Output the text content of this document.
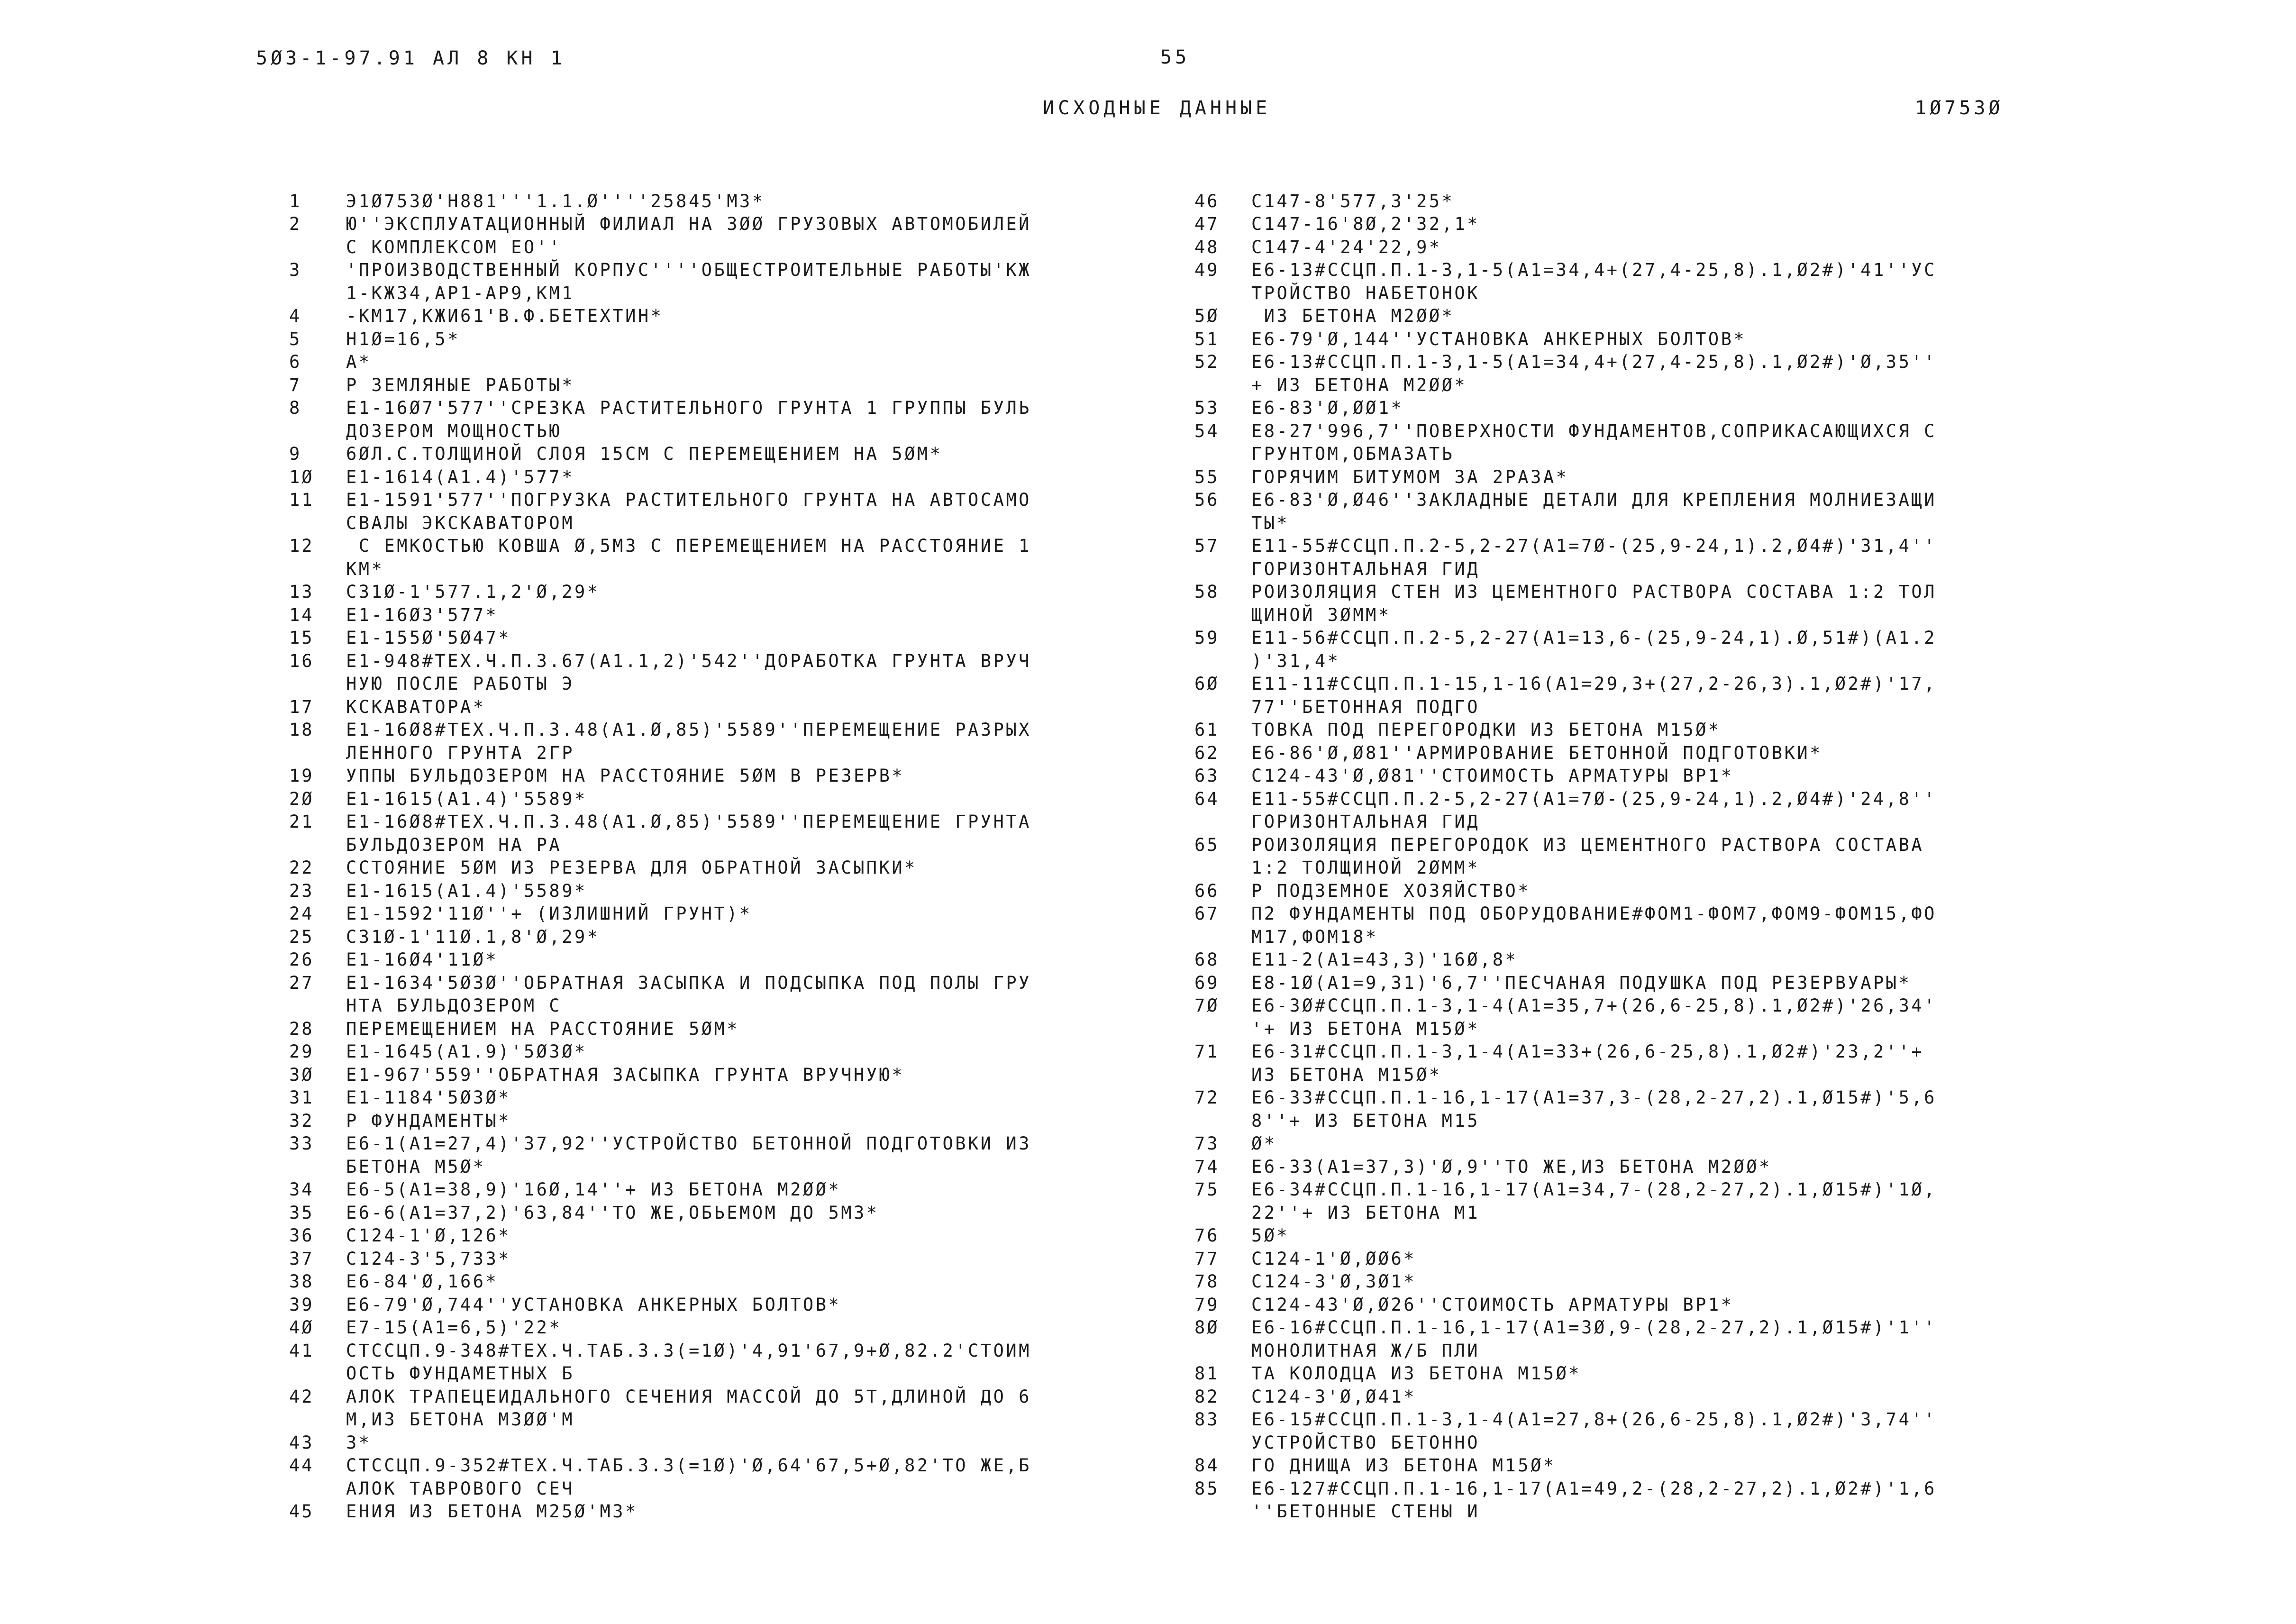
5Ø3-1-97.91 АЛ 8 КН 1	55
ИСХОДНЫЕ ДАННЫЕ	1Ø753Ø
1	Э1Ø753Ø'Н881'''1.1.Ø''''25845'М3*
2	Ю''ЭКСПЛУАТАЦИОННЫЙ ФИЛИАЛ НА 3ØØ ГРУЗОВЫХ АВТОМОБИЛЕЙ
С КОМПЛЕКСОМ ЕО''
3	'ПРОИЗВОДСТВЕННЫЙ КОРПУС''''ОБЩЕСТРОИТЕЛЬНЫЕ РАБОТЫ'КЖ
1-КЖ34,АР1-АР9,КМ1
4	-КМ17,КЖИ61'В.Ф.БЕТЕХТИН*
5	Н1Ø=16,5*
6	А*
7	Р ЗЕМЛЯНЫЕ РАБОТЫ*
8	Е1-16Ø7'577''СРЕЗКА РАСТИТЕЛЬНОГО ГРУНТА 1 ГРУППЫ БУЛЬ
ДОЗЕРОМ МОЩНОСТЬЮ
9	6ØЛ.С.ТОЛЩИНОЙ СЛОЯ 15СМ С ПЕРЕМЕЩЕНИЕМ НА 5ØМ*
1Ø	Е1-1614(А1.4)'577*
11	Е1-1591'577''ПОГРУЗКА РАСТИТЕЛЬНОГО ГРУНТА НА АВТОСАМО
СВАЛЫ ЭКСКАВАТОРОМ
12	С ЕМКОСТЬЮ КОВША Ø,5М3 С ПЕРЕМЕЩЕНИЕМ НА РАССТОЯНИЕ 1
КМ*
13	С31Ø-1'577.1,2'Ø,29*
14	Е1-16Ø3'577*
15	Е1-155Ø'5Ø47*
16	Е1-948#ТЕХ.Ч.П.3.67(А1.1,2)'542''ДОРАБОТКА ГРУНТА ВРУЧ
НУЮ ПОСЛЕ РАБОТЫ Э
17	КСКАВАТОРА*
18	Е1-16Ø8#ТЕХ.Ч.П.3.48(А1.Ø,85)'5589''ПЕРЕМЕЩЕНИЕ РАЗРЫХ
ЛЕННОГО ГРУНТА 2ГР
19	УППЫ БУЛЬДОЗЕРОМ НА РАССТОЯНИЕ 5ØМ В РЕЗЕРВ*
2Ø	Е1-1615(А1.4)'5589*
21	Е1-16Ø8#ТЕХ.Ч.П.3.48(А1.Ø,85)'5589''ПЕРЕМЕЩЕНИЕ ГРУНТА
БУЛЬДОЗЕРОМ НА РА
22	ССТОЯНИЕ 5ØМ ИЗ РЕЗЕРВА ДЛЯ ОБРАТНОЙ ЗАСЫПКИ*
23	Е1-1615(А1.4)'5589*
24	Е1-1592'11Ø''+ (ИЗЛИШНИЙ ГРУНТ)*
25	С31Ø-1'11Ø.1,8'Ø,29*
26	Е1-16Ø4'11Ø*
27	Е1-1634'5Ø3Ø''ОБРАТНАЯ ЗАСЫПКА И ПОДСЫПКА ПОД ПОЛЫ ГРУ
НТА БУЛЬДОЗЕРОМ С
28	ПЕРЕМЕЩЕНИЕМ НА РАССТОЯНИЕ 5ØМ*
29	Е1-1645(А1.9)'5Ø3Ø*
3Ø	Е1-967'559''ОБРАТНАЯ ЗАСЫПКА ГРУНТА ВРУЧНУЮ*
31	Е1-1184'5Ø3Ø*
32	Р ФУНДАМЕНТЫ*
33	Е6-1(А1=27,4)'37,92''УСТРОЙСТВО БЕТОННОЙ ПОДГОТОВКИ ИЗ
БЕТОНА М5Ø*
34	Е6-5(А1=38,9)'16Ø,14''+ ИЗ БЕТОНА М2ØØ*
35	Е6-6(А1=37,2)'63,84''ТО ЖЕ,ОБЬЕМОМ ДО 5М3*
36	С124-1'Ø,126*
37	С124-3'5,733*
38	Е6-84'Ø,166*
39	Е6-79'Ø,744''УСТАНОВКА АНКЕРНЫХ БОЛТОВ*
4Ø	Е7-15(А1=6,5)'22*
41	СТССЦП.9-348#ТЕХ.Ч.ТАБ.3.3(=1Ø)'4,91'67,9+Ø,82.2'СТОИМ
ОСТЬ ФУНДАМЕТНЫХ Б
42	АЛОК ТРАПЕЦЕИДАЛЬНОГО СЕЧЕНИЯ МАССОЙ ДО 5Т,ДЛИНОЙ ДО 6
М,ИЗ БЕТОНА М3ØØ'М
43	3*
44	СТССЦП.9-352#ТЕХ.Ч.ТАБ.3.3(=1Ø)'Ø,64'67,5+Ø,82'ТО ЖЕ,Б
АЛОК ТАВРОВОГО СЕЧ
45	ЕНИЯ ИЗ БЕТОНА М25Ø'М3*
46	С147-8'577,3'25*
47	С147-16'8Ø,2'32,1*
48	С147-4'24'22,9*
49	Е6-13#ССЦП.П.1-3,1-5(А1=34,4+(27,4-25,8).1,Ø2#)'41''УС
ТРОЙСТВО НАБЕТОНОК
5Ø	ИЗ БЕТОНА М2ØØ*
51	Е6-79'Ø,144''УСТАНОВКА АНКЕРНЫХ БОЛТОВ*
52	Е6-13#ССЦП.П.1-3,1-5(А1=34,4+(27,4-25,8).1,Ø2#)'Ø,35''
+ ИЗ БЕТОНА М2ØØ*
53	Е6-83'Ø,ØØ1*
54	Е8-27'996,7''ПОВЕРХНОСТИ ФУНДАМЕНТОВ,СОПРИКАСАЮЩИХСЯ С
ГРУНТОМ,ОБМАЗАТЬ
55	ГОРЯЧИМ БИТУМОМ ЗА 2РАЗА*
56	Е6-83'Ø,Ø46''ЗАКЛАДНЫЕ ДЕТАЛИ ДЛЯ КРЕПЛЕНИЯ МОЛНИЕЗАЩИ
ТЫ*
57	Е11-55#ССЦП.П.2-5,2-27(А1=7Ø-(25,9-24,1).2,Ø4#)'31,4''
ГОРИЗОНТАЛЬНАЯ ГИД
58	РОИЗОЛЯЦИЯ СТЕН ИЗ ЦЕМЕНТНОГО РАСТВОРА СОСТАВА 1:2 ТОЛ
ЩИНОЙ 3ØММ*
59	Е11-56#ССЦП.П.2-5,2-27(А1=13,6-(25,9-24,1).Ø,51#)(А1.2
)'31,4*
6Ø	Е11-11#ССЦП.П.1-15,1-16(А1=29,3+(27,2-26,3).1,Ø2#)'17,
77''БЕТОННАЯ ПОДГО
61	ТОВКА ПОД ПЕРЕГОРОДКИ ИЗ БЕТОНА М15Ø*
62	Е6-86'Ø,Ø81''АРМИРОВАНИЕ БЕТОННОЙ ПОДГОТОВКИ*
63	С124-43'Ø,Ø81''СТОИМОСТЬ АРМАТУРЫ ВР1*
64	Е11-55#ССЦП.П.2-5,2-27(А1=7Ø-(25,9-24,1).2,Ø4#)'24,8''
ГОРИЗОНТАЛЬНАЯ ГИД
65	РОИЗОЛЯЦИЯ ПЕРЕГОРОДОК ИЗ ЦЕМЕНТНОГО РАСТВОРА СОСТАВА
1:2 ТОЛЩИНОЙ 2ØММ*
66	Р ПОДЗЕМНОЕ ХОЗЯЙСТВО*
67	П2 ФУНДАМЕНТЫ ПОД ОБОРУДОВАНИЕ#ФОМ1-ФОМ7,ФОМ9-ФОМ15,ФО
М17,ФОМ18*
68	Е11-2(А1=43,3)'16Ø,8*
69	Е8-1Ø(А1=9,31)'6,7''ПЕСЧАНАЯ ПОДУШКА ПОД РЕЗЕРВУАРЫ*
7Ø	Е6-3Ø#ССЦП.П.1-3,1-4(А1=35,7+(26,6-25,8).1,Ø2#)'26,34'
'+ ИЗ БЕТОНА М15Ø*
71	Е6-31#ССЦП.П.1-3,1-4(А1=33+(26,6-25,8).1,Ø2#)'23,2''+
ИЗ БЕТОНА М15Ø*
72	Е6-33#ССЦП.П.1-16,1-17(А1=37,3-(28,2-27,2).1,Ø15#)'5,6
8''+ ИЗ БЕТОНА М15
73	Ø*
74	Е6-33(А1=37,3)'Ø,9''ТО ЖЕ,ИЗ БЕТОНА М2ØØ*
75	Е6-34#ССЦП.П.1-16,1-17(А1=34,7-(28,2-27,2).1,Ø15#)'1Ø,
22''+ ИЗ БЕТОНА М1
76	5Ø*
77	С124-1'Ø,ØØ6*
78	С124-3'Ø,3Ø1*
79	С124-43'Ø,Ø26''СТОИМОСТЬ АРМАТУРЫ ВР1*
8Ø	Е6-16#ССЦП.П.1-16,1-17(А1=3Ø,9-(28,2-27,2).1,Ø15#)'1''
МОНОЛИТНАЯ Ж/Б ПЛИ
81	ТА КОЛОДЦА ИЗ БЕТОНА М15Ø*
82	С124-3'Ø,Ø41*
83	Е6-15#ССЦП.П.1-3,1-4(А1=27,8+(26,6-25,8).1,Ø2#)'3,74''
УСТРОЙСТВО БЕТОННО
84	ГО ДНИЩА ИЗ БЕТОНА М15Ø*
85	Е6-127#ССЦП.П.1-16,1-17(А1=49,2-(28,2-27,2).1,Ø2#)'1,6
''БЕТОННЫЕ СТЕНЫ И
